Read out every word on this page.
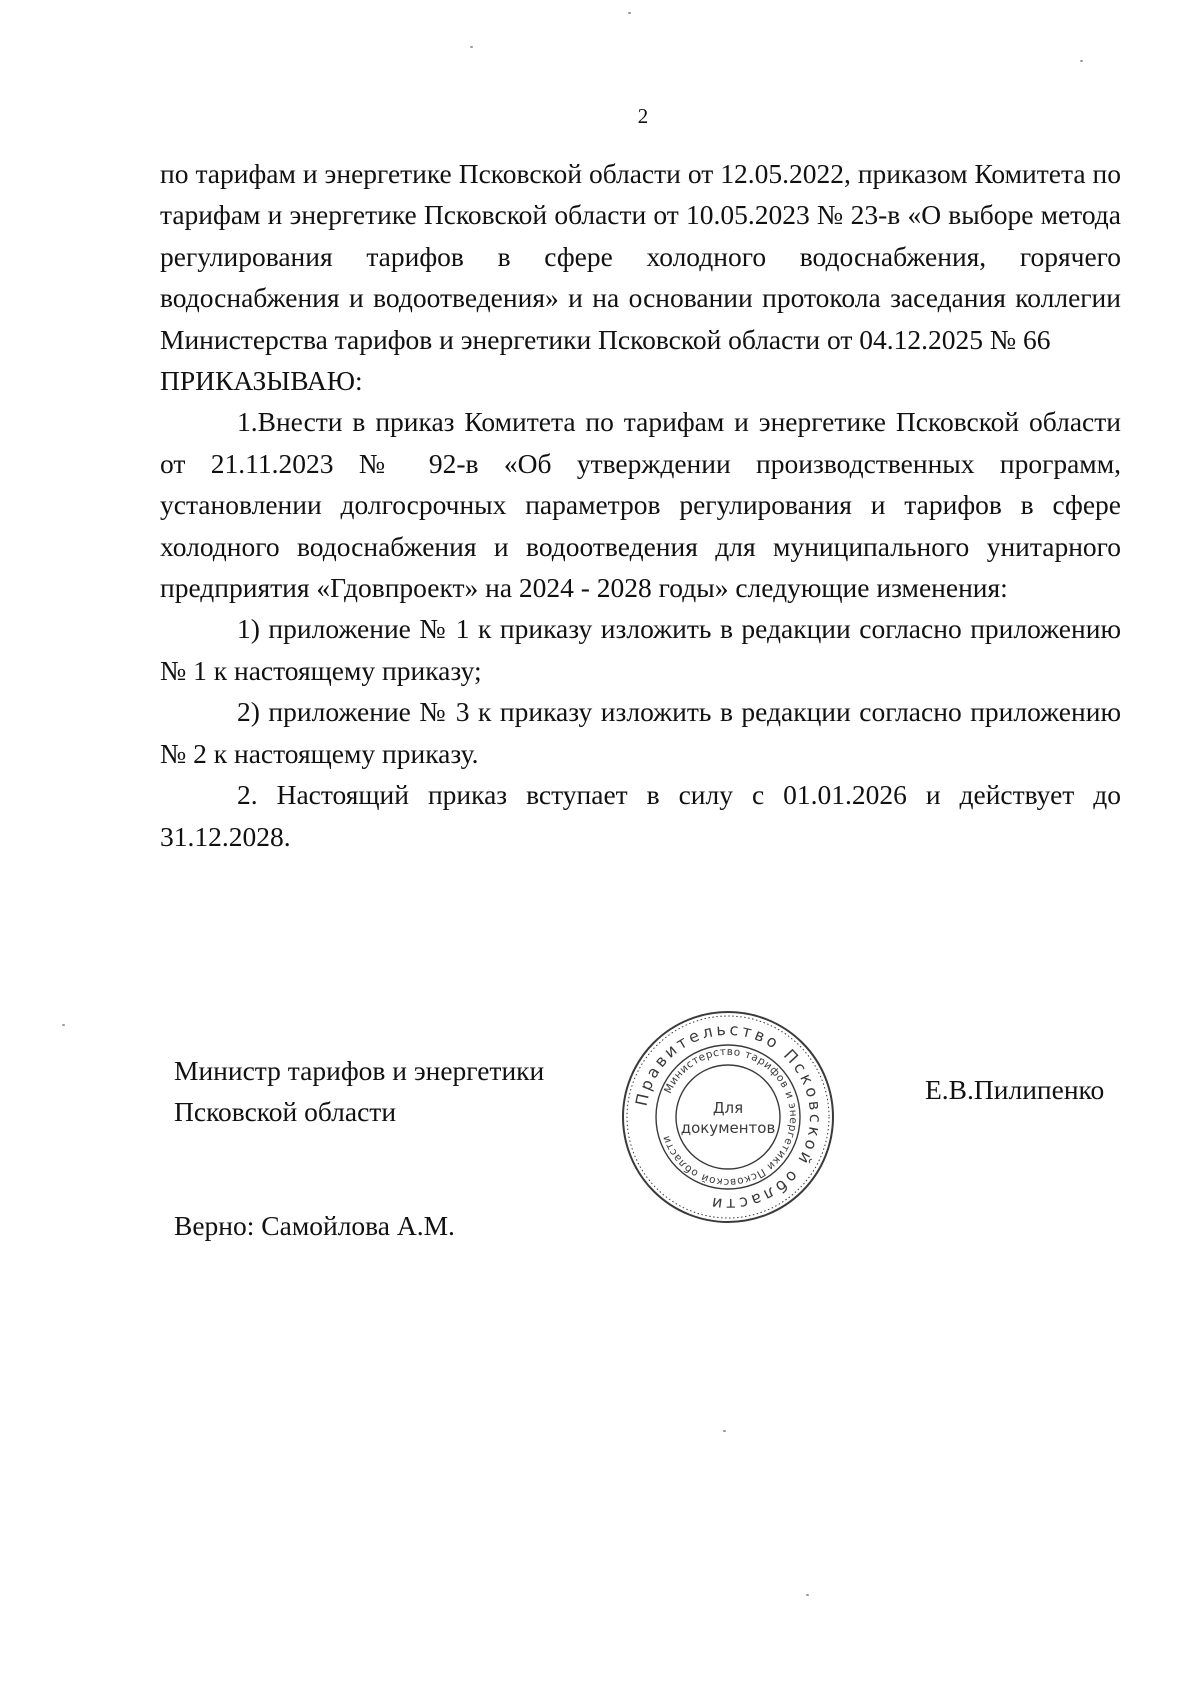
2

по тарифам и энергетике Псковской области от 12.05.2022, приказом Комитета по тарифам и энергетике Псковской области от 10.05.2023 № 23-в «О выборе метода регулирования тарифов в сфере холодного водоснабжения, горячего водоснабжения и водоотведения» и на основании протокола заседания коллегии Министерства тарифов и энергетики Псковской области от 04.12.2025 № 66

ПРИКАЗЫВАЮ:

1.Внести в приказ Комитета по тарифам и энергетике Псковской области от 21.11.2023 № 92-в «Об утверждении производственных программ, установлении долгосрочных параметров регулирования и тарифов в сфере холодного водоснабжения и водоотведения для муниципального унитарного предприятия «Гдовпроект» на 2024 - 2028 годы» следующие изменения:

1) приложение № 1 к приказу изложить в редакции согласно приложению № 1 к настоящему приказу;

2) приложение № 3 к приказу изложить в редакции согласно приложению № 2 к настоящему приказу.

2. Настоящий приказ вступает в силу с 01.01.2026 и действует до 31.12.2028.

Министр тарифов и энергетики
Псковской области	Правительство Псковской области
Министерство тарифов и энергетики Псковской области
Для
документов

Е.В.Пилипенко

Верно: Самойлова А.М.
